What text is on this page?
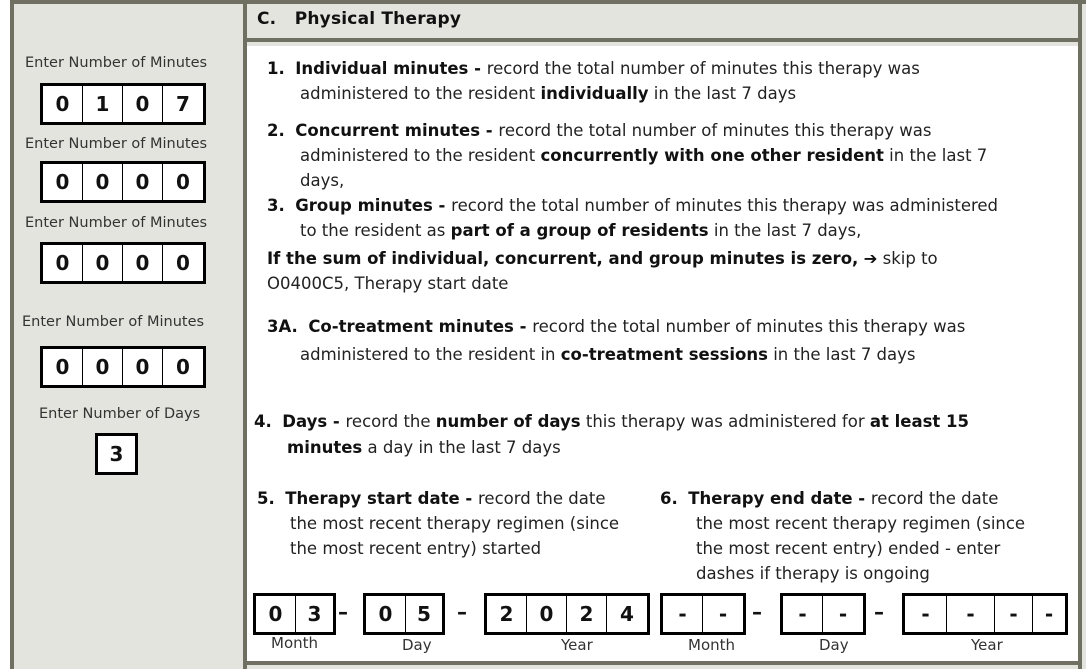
C. Physical Therapy
Enter Number of Minutes
0	1	0	7
Enter Number of Minutes
0	0	0	0
Enter Number of Minutes
0	0	0	0
Enter Number of Minutes
0	0	0	0
Enter Number of Days
3
1. Individual minutes - record the total number of minutes this therapy was
administered to the resident individually in the last 7 days
2. Concurrent minutes - record the total number of minutes this therapy was
administered to the resident concurrently with one other resident in the last 7
days,
3. Group minutes - record the total number of minutes this therapy was administered
to the resident as part of a group of residents in the last 7 days,
If the sum of individual, concurrent, and group minutes is zero, ➔ skip to
O0400C5, Therapy start date
3A. Co-treatment minutes - record the total number of minutes this therapy was
administered to the resident in co-treatment sessions in the last 7 days
4. Days - record the number of days this therapy was administered for at least 15
minutes a day in the last 7 days
5. Therapy start date - record the date
the most recent therapy regimen (since
the most recent entry) started
6. Therapy end date - record the date
the most recent therapy regimen (since
the most recent entry) ended - enter
dashes if therapy is ongoing
0	3 –	0	5	–	2	0	2	4
Month	Day	Year
-	-	–	-	-	–	-	-	-	-
Month	Day	Year
